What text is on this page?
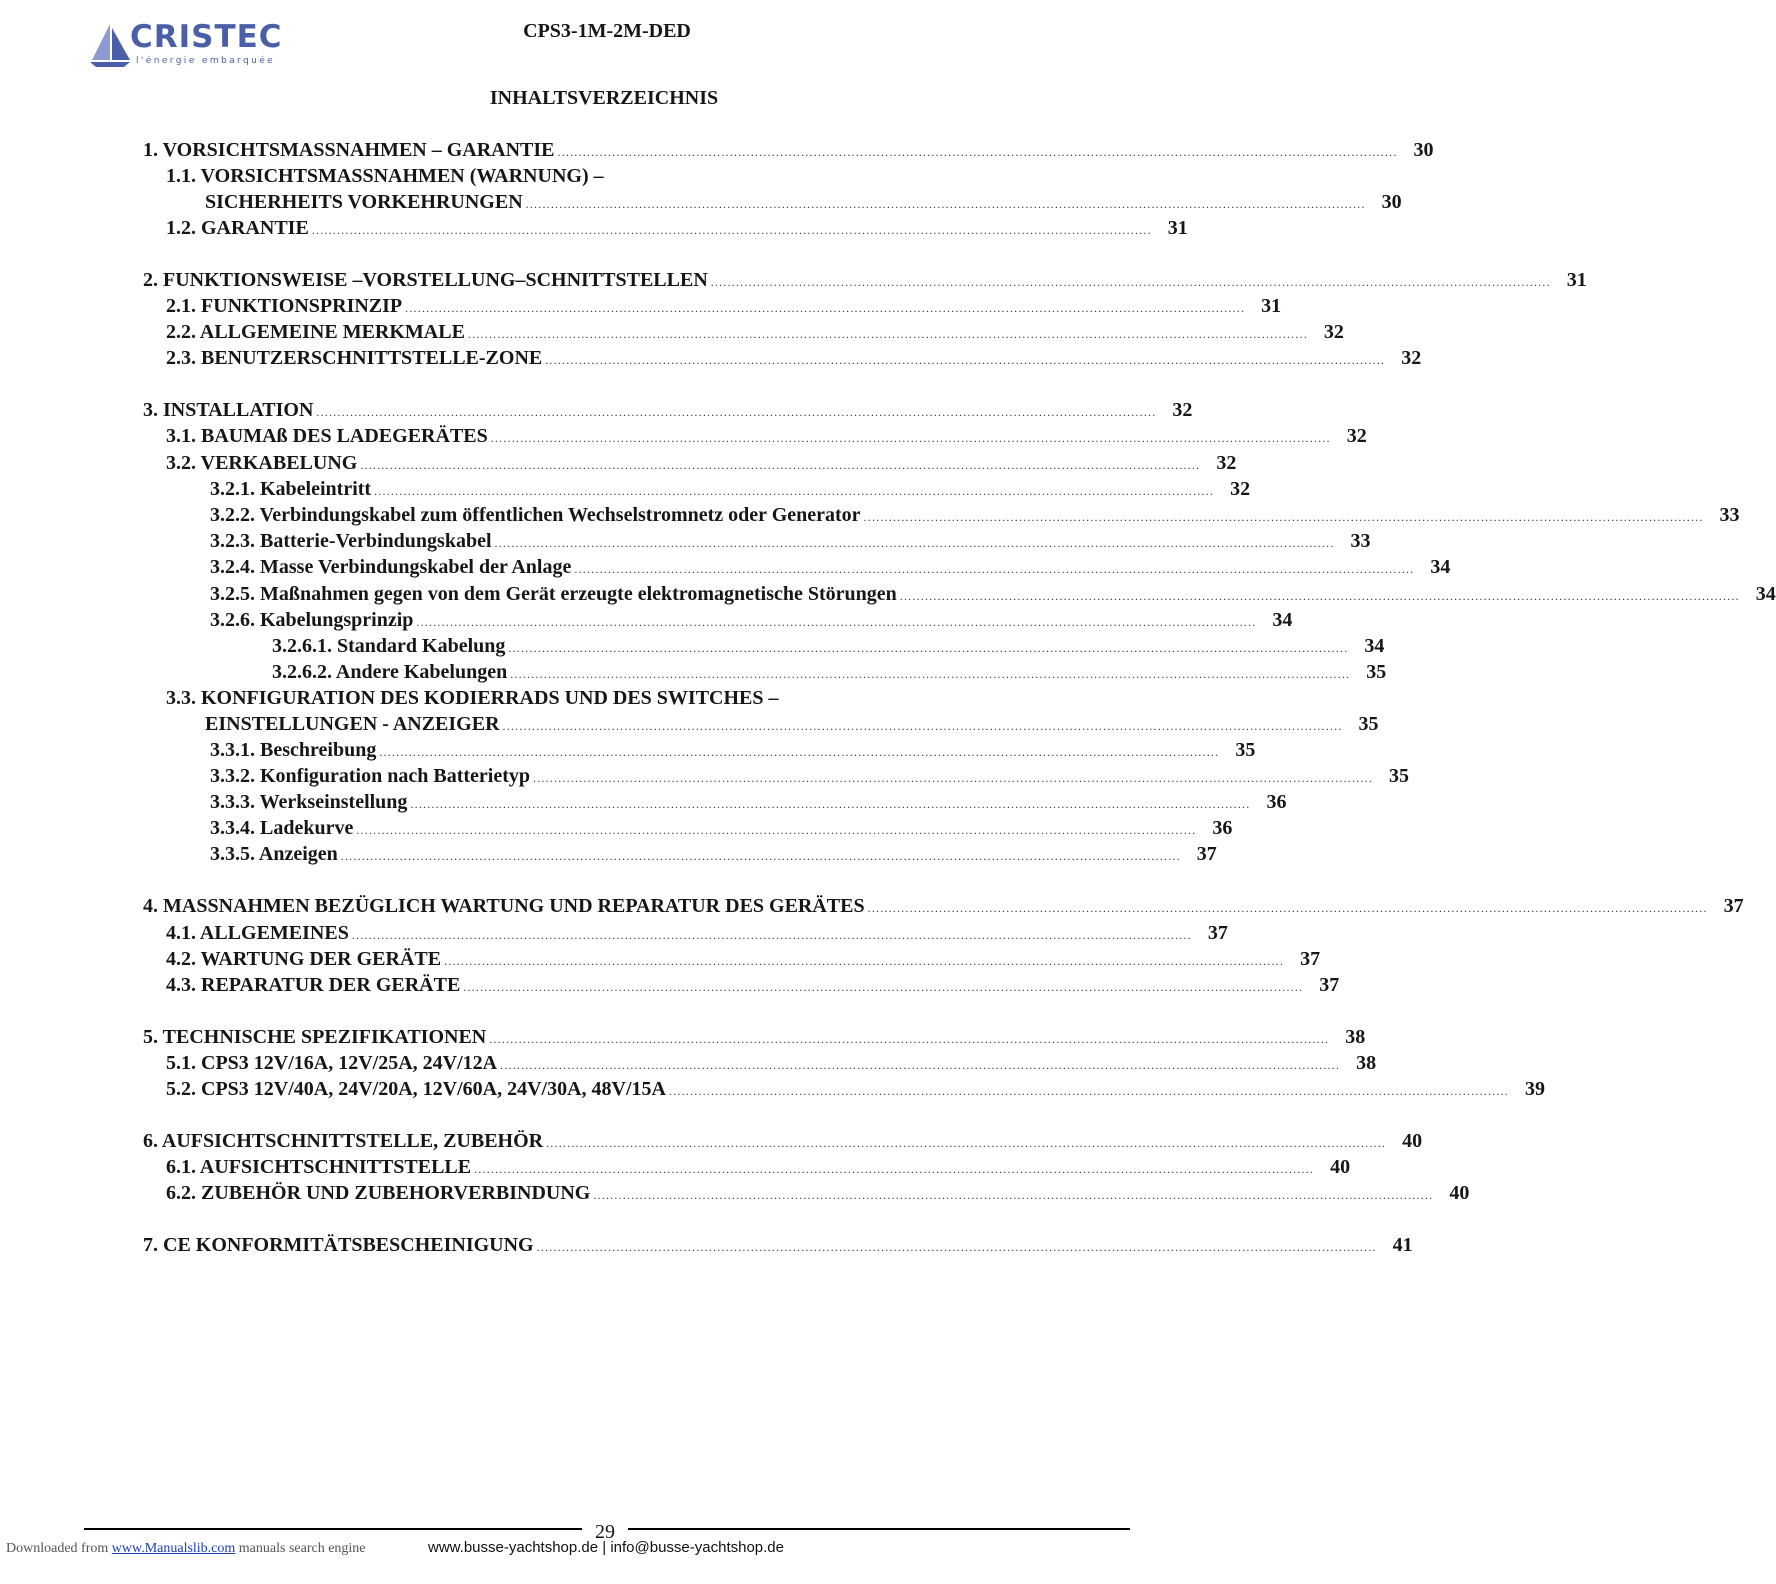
CRISTEC
l'énergie embarquée
CPS3-1M-2M-DED
INHALTSVERZEICHNIS
1. VORSICHTSMASSNAHMEN – GARANTIE ........................................................................................................................................................................................................ 30
1.1. VORSICHTSMASSNAHMEN (WARNUNG) –
SICHERHEITS VORKEHRUNGEN ........................................................................................................................................................................................................ 30
1.2. GARANTIE ........................................................................................................................................................................................................ 31
2. FUNKTIONSWEISE –VORSTELLUNG–SCHNITTSTELLEN ........................................................................................................................................................................................................ 31
2.1. FUNKTIONSPRINZIP ........................................................................................................................................................................................................ 31
2.2. ALLGEMEINE MERKMALE ........................................................................................................................................................................................................ 32
2.3. BENUTZERSCHNITTSTELLE-ZONE ........................................................................................................................................................................................................ 32
3. INSTALLATION ........................................................................................................................................................................................................ 32
3.1. BAUMAß DES LADEGERÄTES ........................................................................................................................................................................................................ 32
3.2. VERKABELUNG ........................................................................................................................................................................................................ 32
3.2.1. Kabeleintritt ........................................................................................................................................................................................................ 32
3.2.2. Verbindungskabel zum öffentlichen Wechselstromnetz oder Generator ........................................................................................................................................................................................................ 33
3.2.3. Batterie-Verbindungskabel ........................................................................................................................................................................................................ 33
3.2.4. Masse Verbindungskabel der Anlage ........................................................................................................................................................................................................ 34
3.2.5. Maßnahmen gegen von dem Gerät erzeugte elektromagnetische Störungen ........................................................................................................................................................................................................ 34
3.2.6. Kabelungsprinzip ........................................................................................................................................................................................................ 34
3.2.6.1. Standard Kabelung ........................................................................................................................................................................................................ 34
3.2.6.2. Andere Kabelungen ........................................................................................................................................................................................................ 35
3.3. KONFIGURATION DES KODIERRADS UND DES SWITCHES –
EINSTELLUNGEN - ANZEIGER ........................................................................................................................................................................................................ 35
3.3.1. Beschreibung ........................................................................................................................................................................................................ 35
3.3.2. Konfiguration nach Batterietyp ........................................................................................................................................................................................................ 35
3.3.3. Werkseinstellung ........................................................................................................................................................................................................ 36
3.3.4. Ladekurve ........................................................................................................................................................................................................ 36
3.3.5. Anzeigen ........................................................................................................................................................................................................ 37
4. MASSNAHMEN BEZÜGLICH WARTUNG UND REPARATUR DES GERÄTES ........................................................................................................................................................................................................ 37
4.1. ALLGEMEINES ........................................................................................................................................................................................................ 37
4.2. WARTUNG DER GERÄTE ........................................................................................................................................................................................................ 37
4.3. REPARATUR DER GERÄTE ........................................................................................................................................................................................................ 37
5. TECHNISCHE SPEZIFIKATIONEN ........................................................................................................................................................................................................ 38
5.1. CPS3 12V/16A, 12V/25A, 24V/12A ........................................................................................................................................................................................................ 38
5.2. CPS3 12V/40A, 24V/20A, 12V/60A, 24V/30A, 48V/15A ........................................................................................................................................................................................................ 39
6. AUFSICHTSCHNITTSTELLE, ZUBEHÖR ........................................................................................................................................................................................................ 40
6.1. AUFSICHTSCHNITTSTELLE ........................................................................................................................................................................................................ 40
6.2. ZUBEHÖR UND ZUBEHORVERBINDUNG ........................................................................................................................................................................................................ 40
7. CE KONFORMITÄTSBESCHEINIGUNG ........................................................................................................................................................................................................ 41
29
Downloaded from www.Manualslib.com manuals search engine	www.busse-yachtshop.de | info@busse-yachtshop.de
